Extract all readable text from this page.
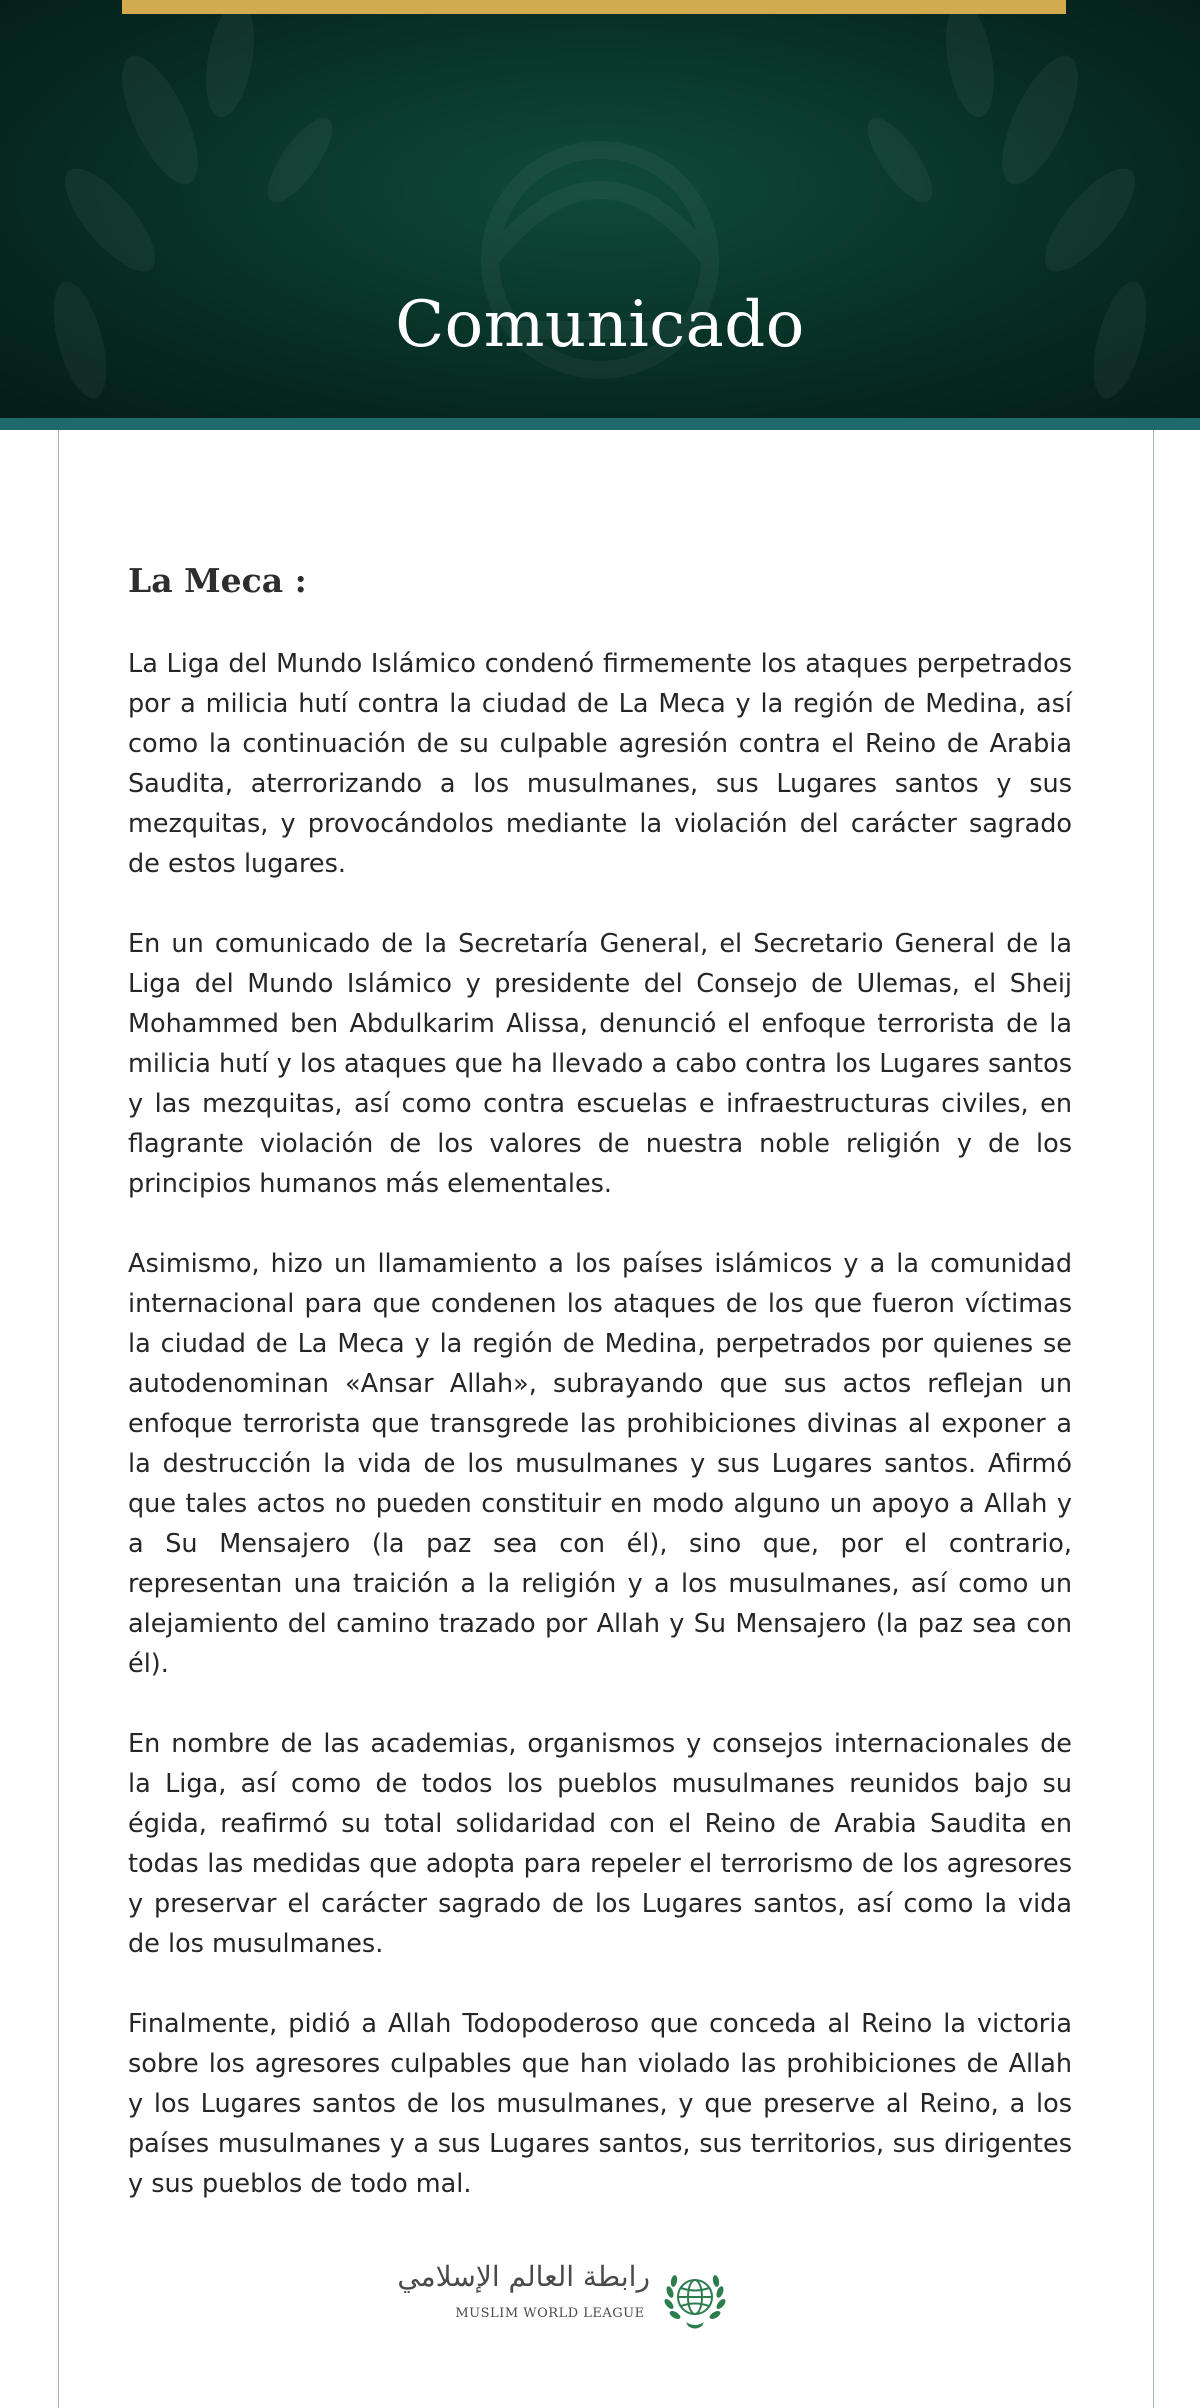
Comunicado
La Meca :

La Liga del Mundo Islámico condenó firmemente los ataques perpetrados por a milicia hutí contra la ciudad de La Meca y la región de Medina, así como la continuación de su culpable agresión contra el Reino de Arabia Saudita, aterrorizando a los musulmanes, sus Lugares santos y sus mezquitas, y provocándolos mediante la violación del carácter sagrado de estos lugares.

En un comunicado de la Secretaría General, el Secretario General de la Liga del Mundo Islámico y presidente del Consejo de Ulemas, el Sheij Mohammed ben Abdulkarim Alissa, denunció el enfoque terrorista de la milicia hutí y los ataques que ha llevado a cabo contra los Lugares santos y las mezquitas, así como contra escuelas e infraestructuras civiles, en flagrante violación de los valores de nuestra noble religión y de los principios humanos más elementales.

Asimismo, hizo un llamamiento a los países islámicos y a la comunidad internacional para que condenen los ataques de los que fueron víctimas la ciudad de La Meca y la región de Medina, perpetrados por quienes se autodenominan «Ansar Allah», subrayando que sus actos reflejan un enfoque terrorista que transgrede las prohibiciones divinas al exponer a la destrucción la vida de los musulmanes y sus Lugares santos. Afirmó que tales actos no pueden constituir en modo alguno un apoyo a Allah y a Su Mensajero (la paz sea con él), sino que, por el contrario, representan una traición a la religión y a los musulmanes, así como un alejamiento del camino trazado por Allah y Su Mensajero (la paz sea con él).

En nombre de las academias, organismos y consejos internacionales de la Liga, así como de todos los pueblos musulmanes reunidos bajo su égida, reafirmó su total solidaridad con el Reino de Arabia Saudita en todas las medidas que adopta para repeler el terrorismo de los agresores y preservar el carácter sagrado de los Lugares santos, así como la vida de los musulmanes.

Finalmente, pidió a Allah Todopoderoso que conceda al Reino la victoria sobre los agresores culpables que han violado las prohibiciones de Allah y los Lugares santos de los musulmanes, y que preserve al Reino, a los países musulmanes y a sus Lugares santos, sus territorios, sus dirigentes y sus pueblos de todo mal.

رابطة العالم الإسلامي
MUSLIM WORLD LEAGUE
